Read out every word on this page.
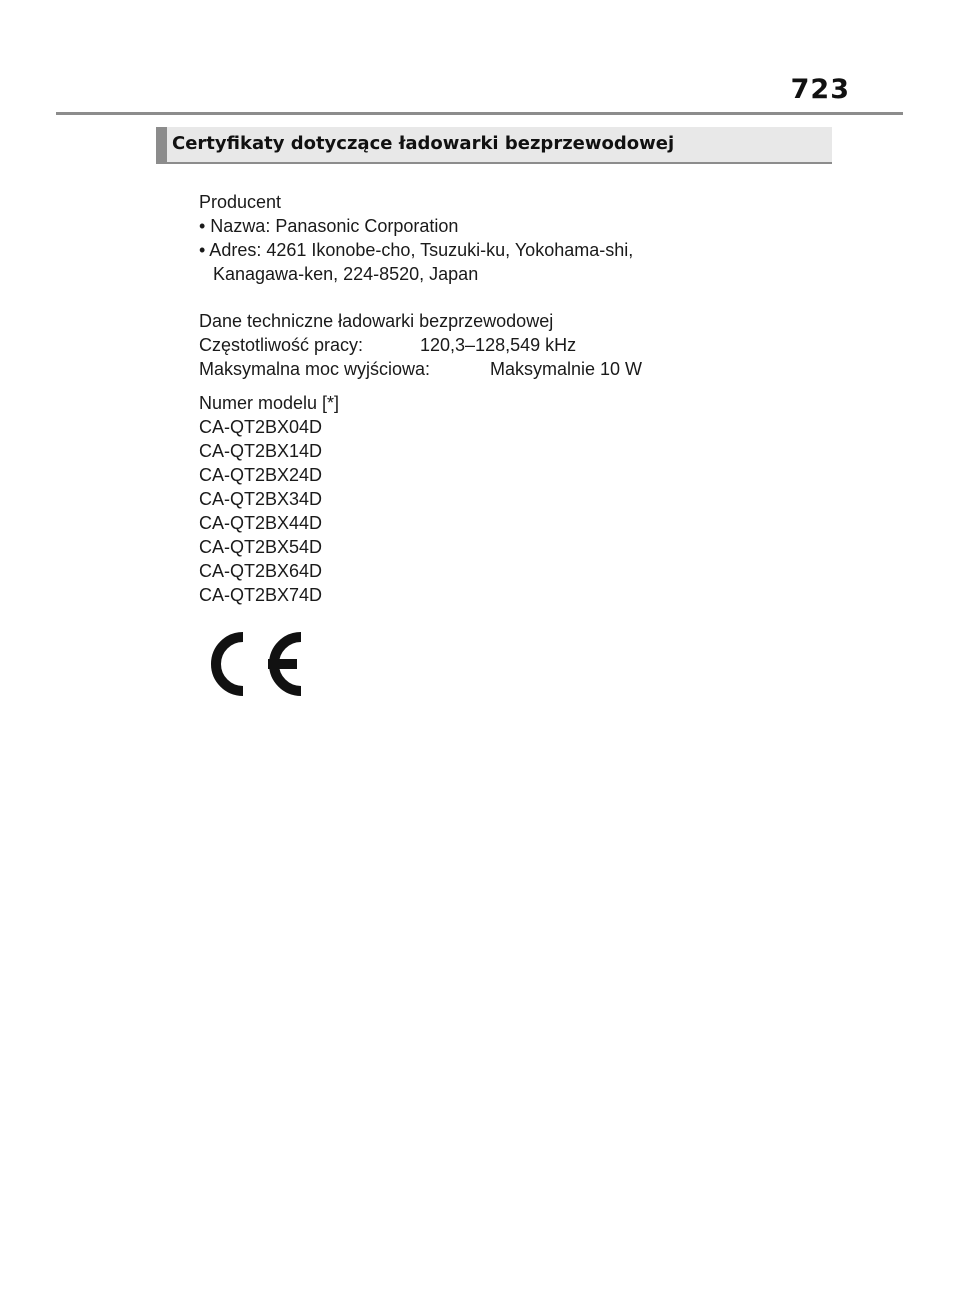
723
Certyfikaty dotyczące ładowarki bezprzewodowej
Producent
• Nazwa: Panasonic Corporation
• Adres: 4261 Ikonobe-cho, Tsuzuki-ku, Yokohama-shi,
Kanagawa-ken, 224-8520, Japan
Dane techniczne ładowarki bezprzewodowej
Częstotliwość pracy:	120,3–128,549 kHz
Maksymalna moc wyjściowa:	Maksymalnie 10 W
Numer modelu [*]
CA-QT2BX04D
CA-QT2BX14D
CA-QT2BX24D
CA-QT2BX34D
CA-QT2BX44D
CA-QT2BX54D
CA-QT2BX64D
CA-QT2BX74D
